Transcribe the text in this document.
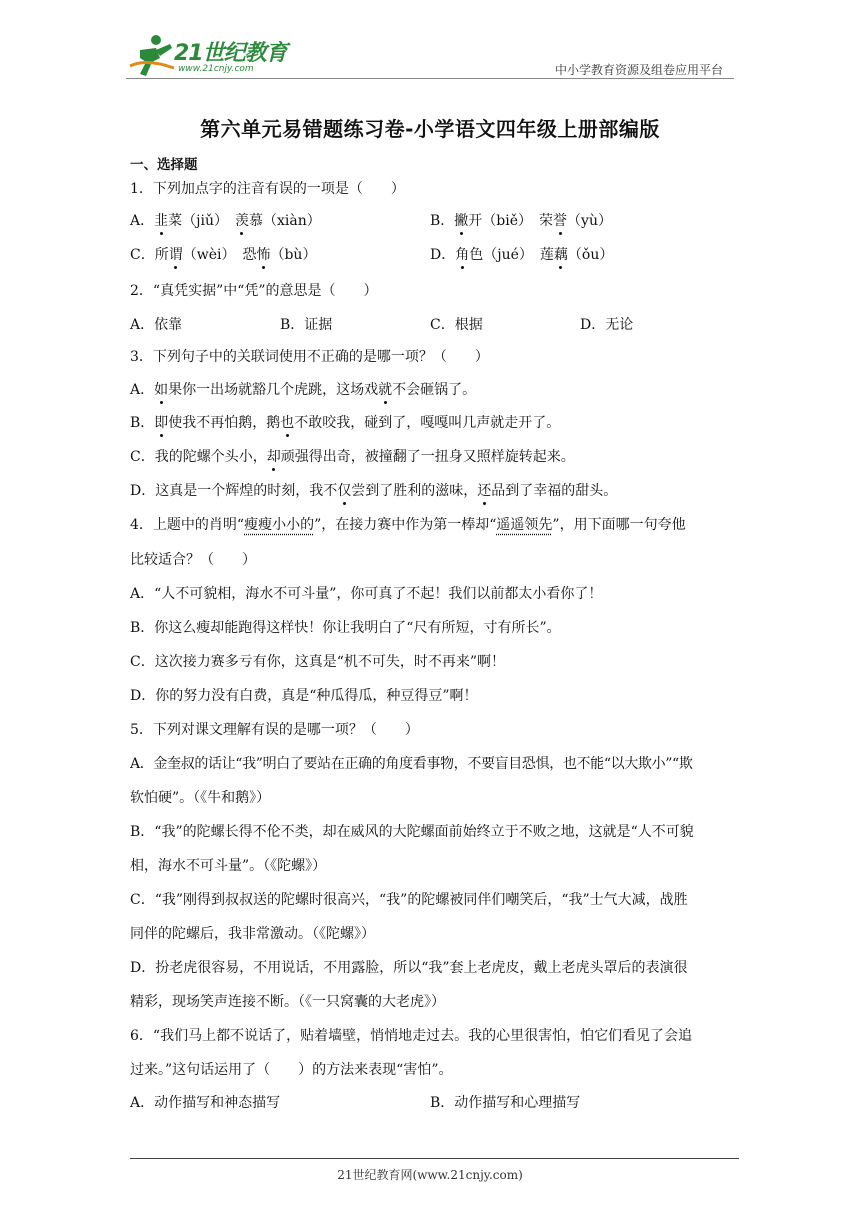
21世纪教育
www.21cnjy.com	中小学教育资源及组卷应用平台
第六单元易错题练习卷-小学语文四年级上册部编版
一、选择题
1．下列加点字的注音有误的一项是（　　）
A．韭菜（jiǔ）　羡慕（xiàn）	B．撇开（biě）　荣誉（yù）
C．所谓（wèi）　恐怖（bù）	D．角色（jué）　莲藕（ǒu）
2．“真凭实据”中“凭”的意思是（　　）
A．依靠	B．证据	C．根据	D．无论
3．下列句子中的关联词使用不正确的是哪一项？（　　）
A．如果你一出场就豁几个虎跳，这场戏就不会砸锅了。
B．即使我不再怕鹅，鹅也不敢咬我，碰到了，嘎嘎叫几声就走开了。
C．我的陀螺个头小，却顽强得出奇，被撞翻了一扭身又照样旋转起来。
D．这真是一个辉煌的时刻，我不仅尝到了胜利的滋味，还品到了幸福的甜头。
4．上题中的肖明“瘦瘦小小的”，在接力赛中作为第一棒却“遥遥领先”，用下面哪一句夸他
比较适合？（　　）
A．“人不可貌相，海水不可斗量”，你可真了不起！我们以前都太小看你了！
B．你这么瘦却能跑得这样快！你让我明白了“尺有所短，寸有所长”。
C．这次接力赛多亏有你，这真是“机不可失，时不再来”啊！
D．你的努力没有白费，真是“种瓜得瓜，种豆得豆”啊！
5．下列对课文理解有误的是哪一项？（　　）
A．金奎叔的话让“我”明白了要站在正确的角度看事物，不要盲目恐惧，也不能“以大欺小”“欺
软怕硬”。（《牛和鹅》）
B．“我”的陀螺长得不伦不类，却在威风的大陀螺面前始终立于不败之地，这就是“人不可貌
相，海水不可斗量”。（《陀螺》）
C．“我”刚得到叔叔送的陀螺时很高兴，“我”的陀螺被同伴们嘲笑后，“我”士气大减，战胜
同伴的陀螺后，我非常激动。（《陀螺》）
D．扮老虎很容易，不用说话，不用露脸，所以“我”套上老虎皮，戴上老虎头罩后的表演很
精彩，现场笑声连接不断。（《一只窝囊的大老虎》）
6．“我们马上都不说话了，贴着墙壁，悄悄地走过去。我的心里很害怕，怕它们看见了会追
过来。”这句话运用了（　　）的方法来表现“害怕”。
A．动作描写和神态描写	B．动作描写和心理描写
21世纪教育网(www.21cnjy.com)
